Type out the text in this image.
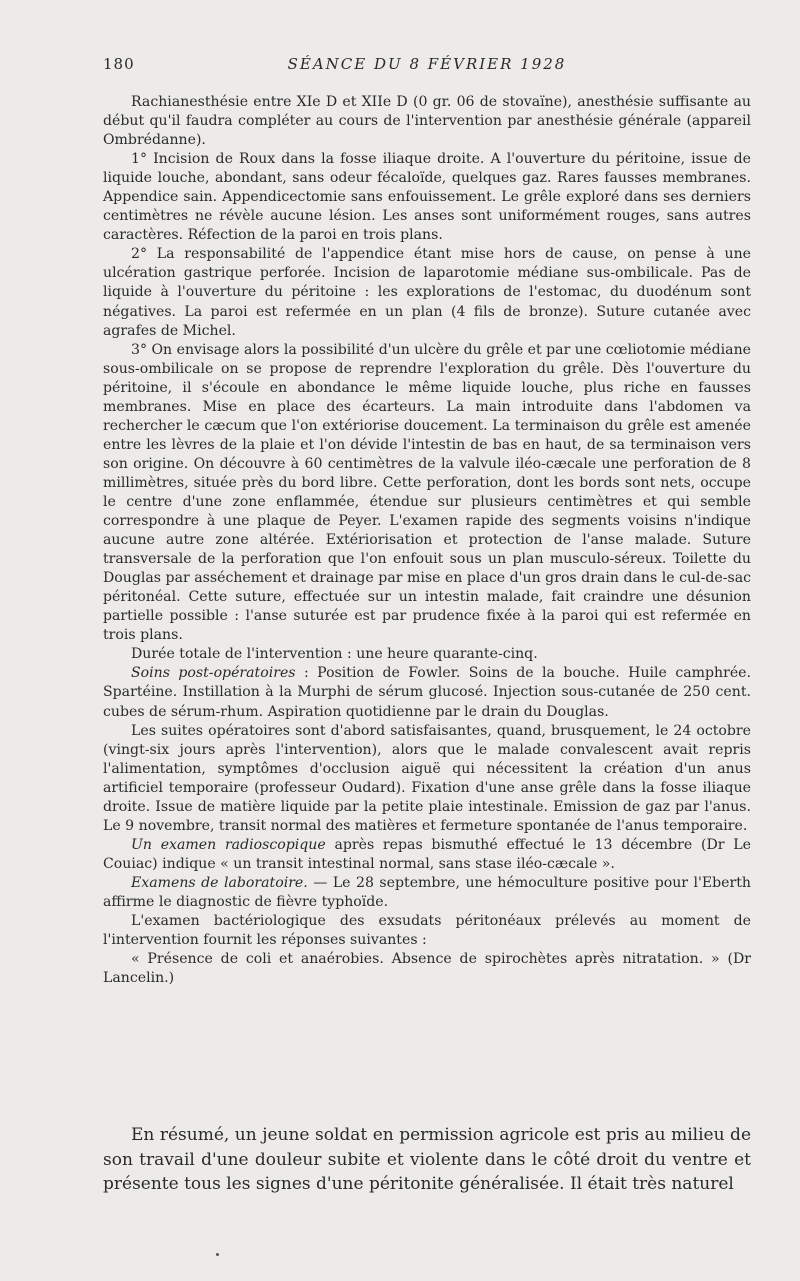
180	SÉANCE DU 8 FÉVRIER 1928

Rachianesthésie entre XIe D et XIIe D (0 gr. 06 de stovaïne), anesthésie suffisante au début qu'il faudra compléter au cours de l'intervention par anesthésie générale (appareil Ombrédanne).

1° Incision de Roux dans la fosse iliaque droite. A l'ouverture du péritoine, issue de liquide louche, abondant, sans odeur fécaloïde, quelques gaz. Rares fausses membranes. Appendice sain. Appendicectomie sans enfouissement. Le grêle exploré dans ses derniers centimètres ne révèle aucune lésion. Les anses sont uniformément rouges, sans autres caractères. Réfection de la paroi en trois plans.

2° La responsabilité de l'appendice étant mise hors de cause, on pense à une ulcération gastrique perforée. Incision de laparotomie médiane sus-ombilicale. Pas de liquide à l'ouverture du péritoine : les explorations de l'estomac, du duodénum sont négatives. La paroi est refermée en un plan (4 fils de bronze). Suture cutanée avec agrafes de Michel.

3° On envisage alors la possibilité d'un ulcère du grêle et par une cœliotomie médiane sous-ombilicale on se propose de reprendre l'exploration du grêle. Dès l'ouverture du péritoine, il s'écoule en abondance le même liquide louche, plus riche en fausses membranes. Mise en place des écarteurs. La main introduite dans l'abdomen va rechercher le cæcum que l'on extériorise doucement. La terminaison du grêle est amenée entre les lèvres de la plaie et l'on dévide l'intestin de bas en haut, de sa terminaison vers son origine. On découvre à 60 centimètres de la valvule iléo-cæcale une perforation de 8 millimètres, située près du bord libre. Cette perforation, dont les bords sont nets, occupe le centre d'une zone enflammée, étendue sur plusieurs centimètres et qui semble correspondre à une plaque de Peyer. L'examen rapide des segments voisins n'indique aucune autre zone altérée. Extériorisation et protection de l'anse malade. Suture transversale de la perforation que l'on enfouit sous un plan musculo-séreux. Toilette du Douglas par asséchement et drainage par mise en place d'un gros drain dans le cul-de-sac péritonéal. Cette suture, effectuée sur un intestin malade, fait craindre une désunion partielle possible : l'anse suturée est par prudence fixée à la paroi qui est refermée en trois plans.

Durée totale de l'intervention : une heure quarante-cinq.

Soins post-opératoires : Position de Fowler. Soins de la bouche. Huile camphrée. Spartéine. Instillation à la Murphi de sérum glucosé. Injection sous-cutanée de 250 cent. cubes de sérum-rhum. Aspiration quotidienne par le drain du Douglas.

Les suites opératoires sont d'abord satisfaisantes, quand, brusquement, le 24 octobre (vingt-six jours après l'intervention), alors que le malade convalescent avait repris l'alimentation, symptômes d'occlusion aiguë qui nécessitent la création d'un anus artificiel temporaire (professeur Oudard). Fixation d'une anse grêle dans la fosse iliaque droite. Issue de matière liquide par la petite plaie intestinale. Emission de gaz par l'anus. Le 9 novembre, transit normal des matières et fermeture spontanée de l'anus temporaire.

Un examen radioscopique après repas bismuthé effectué le 13 décembre (Dr Le Couiac) indique « un transit intestinal normal, sans stase iléo-cæcale ».

Examens de laboratoire. — Le 28 septembre, une hémoculture positive pour l'Eberth affirme le diagnostic de fièvre typhoïde.

L'examen bactériologique des exsudats péritonéaux prélevés au moment de l'intervention fournit les réponses suivantes :

« Présence de coli et anaérobies. Absence de spirochètes après nitratation. » (Dr Lancelin.)

En résumé, un jeune soldat en permission agricole est pris au milieu de son travail d'une douleur subite et violente dans le côté droit du ventre et présente tous les signes d'une péritonite généralisée. Il était très naturel
